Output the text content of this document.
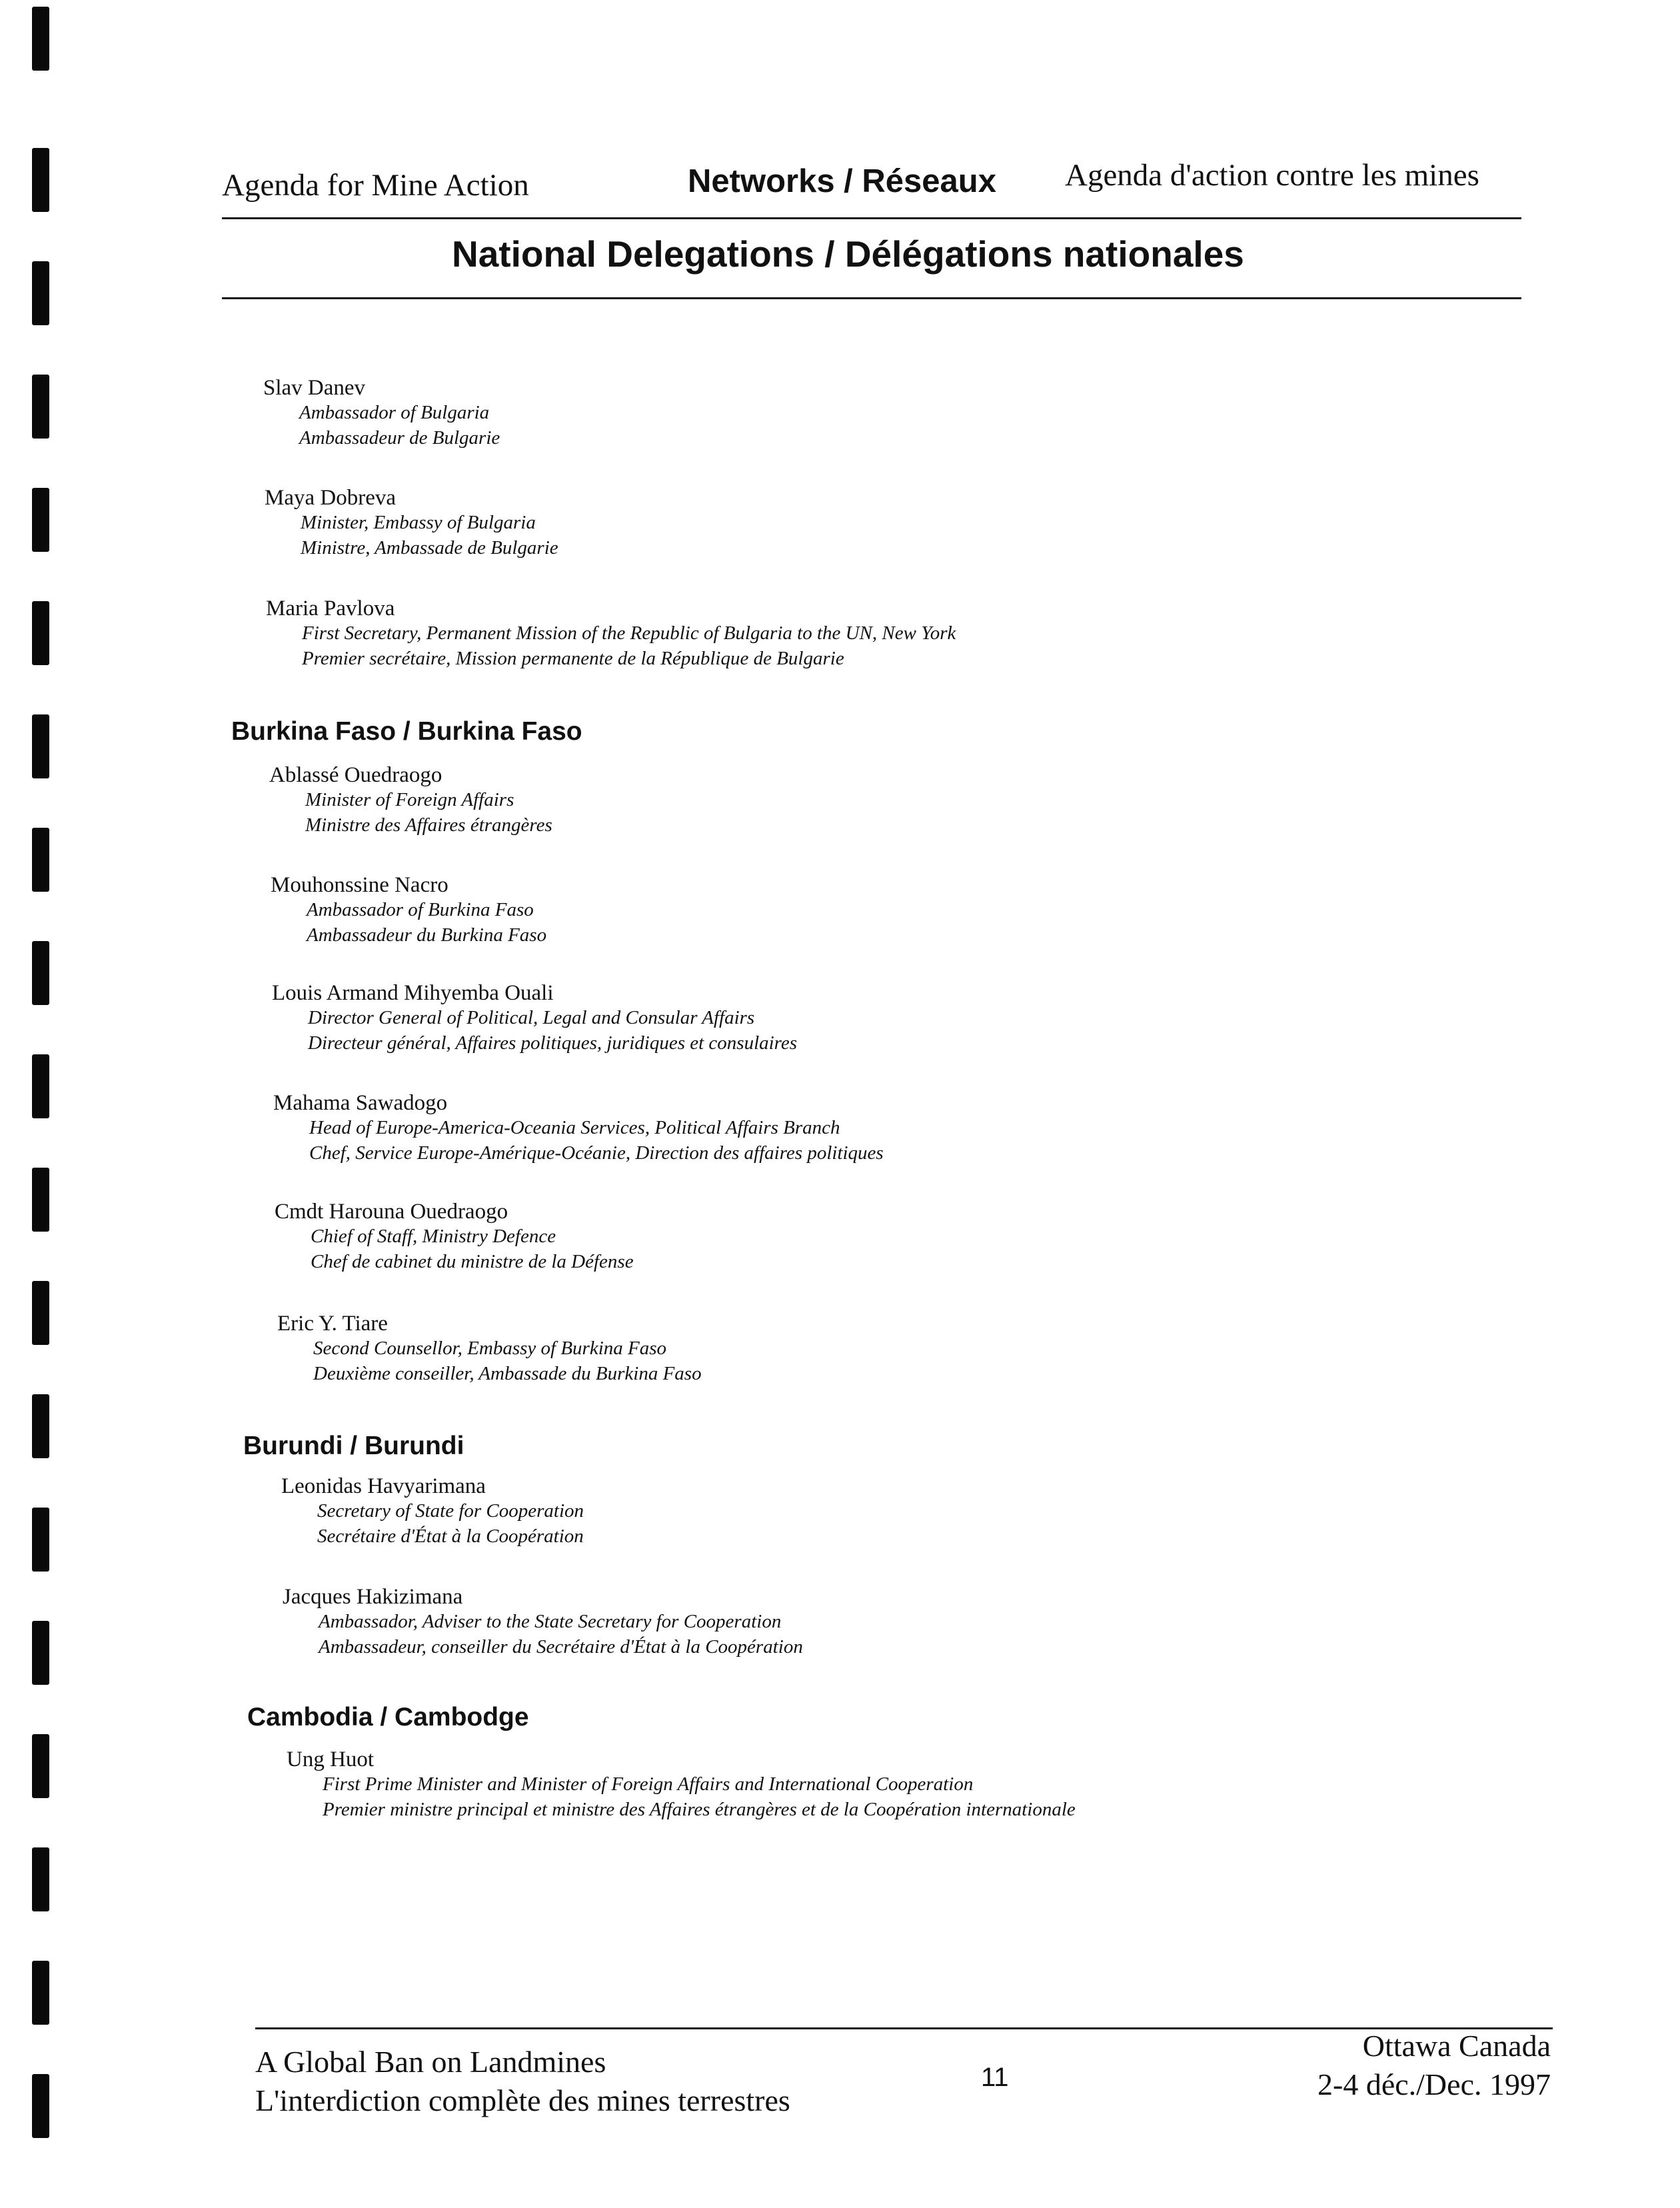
Agenda for Mine Action	Networks / Réseaux Agenda d'action contre les mines
National Delegations / Délégations nationales
Slav Danev
Ambassador of Bulgaria
Ambassadeur de Bulgarie
Maya Dobreva
Minister, Embassy of Bulgaria
Ministre, Ambassade de Bulgarie
Maria Pavlova
First Secretary, Permanent Mission of the Republic of Bulgaria to the UN, New York
Premier secrétaire, Mission permanente de la République de Bulgarie
Burkina Faso / Burkina Faso
Ablassé Ouedraogo
Minister of Foreign Affairs
Ministre des Affaires étrangères
Mouhonssine Nacro
Ambassador of Burkina Faso
Ambassadeur du Burkina Faso
Louis Armand Mihyemba Ouali
Director General of Political, Legal and Consular Affairs
Directeur général, Affaires politiques, juridiques et consulaires
Mahama Sawadogo
Head of Europe-America-Oceania Services, Political Affairs Branch
Chef, Service Europe-Amérique-Océanie, Direction des affaires politiques
Cmdt Harouna Ouedraogo
Chief of Staff, Ministry Defence
Chef de cabinet du ministre de la Défense
Eric Y. Tiare
Second Counsellor, Embassy of Burkina Faso
Deuxième conseiller, Ambassade du Burkina Faso
Burundi / Burundi
Leonidas Havyarimana
Secretary of State for Cooperation
Secrétaire d'État à la Coopération
Jacques Hakizimana
Ambassador, Adviser to the State Secretary for Cooperation
Ambassadeur, conseiller du Secrétaire d'État à la Coopération
Cambodia / Cambodge
Ung Huot
First Prime Minister and Minister of Foreign Affairs and International Cooperation
Premier ministre principal et ministre des Affaires étrangères et de la Coopération internationale
A Global Ban on Landmines
L'interdiction complète des mines terrestres
11
Ottawa Canada
2-4 déc./Dec. 1997
